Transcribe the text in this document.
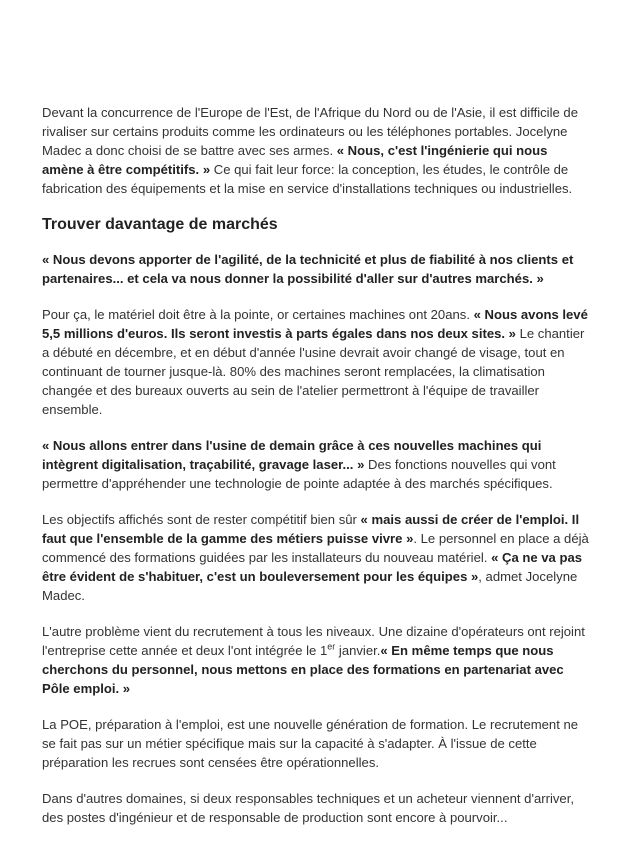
Devant la concurrence de l'Europe de l'Est, de l'Afrique du Nord ou de l'Asie, il est difficile de rivaliser sur certains produits comme les ordinateurs ou les téléphones portables. Jocelyne Madec a donc choisi de se battre avec ses armes. « Nous, c'est l'ingénierie qui nous amène à être compétitifs. » Ce qui fait leur force: la conception, les études, le contrôle de fabrication des équipements et la mise en service d'installations techniques ou industrielles.

Trouver davantage de marchés

« Nous devons apporter de l'agilité, de la technicité et plus de fiabilité à nos clients et partenaires... et cela va nous donner la possibilité d'aller sur d'autres marchés. »

Pour ça, le matériel doit être à la pointe, or certaines machines ont 20ans. « Nous avons levé 5,5 millions d'euros. Ils seront investis à parts égales dans nos deux sites. » Le chantier a débuté en décembre, et en début d'année l'usine devrait avoir changé de visage, tout en continuant de tourner jusque-là. 80% des machines seront remplacées, la climatisation changée et des bureaux ouverts au sein de l'atelier permettront à l'équipe de travailler ensemble.

« Nous allons entrer dans l'usine de demain grâce à ces nouvelles machines qui intègrent digitalisation, traçabilité, gravage laser... » Des fonctions nouvelles qui vont permettre d'appréhender une technologie de pointe adaptée à des marchés spécifiques.

Les objectifs affichés sont de rester compétitif bien sûr « mais aussi de créer de l'emploi. Il faut que l'ensemble de la gamme des métiers puisse vivre ». Le personnel en place a déjà commencé des formations guidées par les installateurs du nouveau matériel. « Ça ne va pas être évident de s'habituer, c'est un bouleversement pour les équipes », admet Jocelyne Madec.

L'autre problème vient du recrutement à tous les niveaux. Une dizaine d'opérateurs ont rejoint l'entreprise cette année et deux l'ont intégrée le 1er janvier.« En même temps que nous cherchons du personnel, nous mettons en place des formations en partenariat avec Pôle emploi. »

La POE, préparation à l'emploi, est une nouvelle génération de formation. Le recrutement ne se fait pas sur un métier spécifique mais sur la capacité à s'adapter. À l'issue de cette préparation les recrues sont censées être opérationnelles.

Dans d'autres domaines, si deux responsables techniques et un acheteur viennent d'arriver, des postes d'ingénieur et de responsable de production sont encore à pourvoir...
